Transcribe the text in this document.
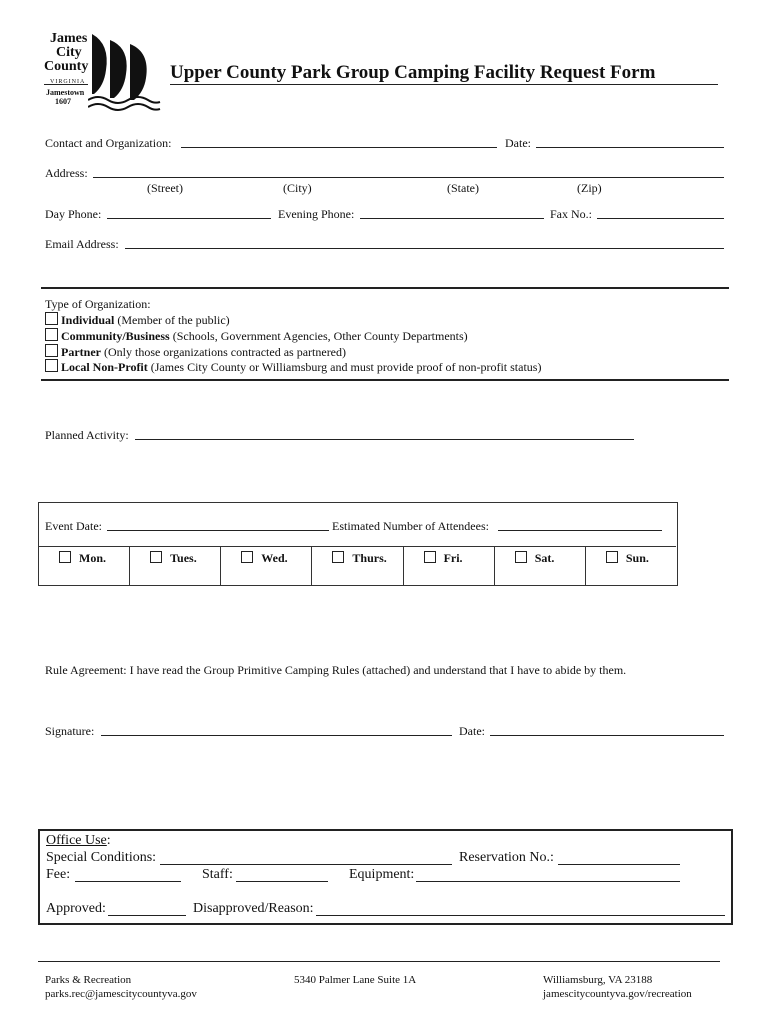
James
City
County
VIRGINIA
Jamestown
1607
Upper County Park Group Camping Facility Request Form
Contact and Organization:	Date:
Address:
(Street)	(City)	(State)	(Zip)
Day Phone:	Evening Phone:	Fax No.:
Email Address:
Type of Organization:
Individual (Member of the public)
Community/Business (Schools, Government Agencies, Other County Departments)
Partner (Only those organizations contracted as partnered)
Local Non-Profit (James City County or Williamsburg and must provide proof of non-profit status)
Planned Activity:
Event Date:	Estimated Number of Attendees:
Mon.	Tues.	Wed.	Thurs.	Fri.	Sat.	Sun.
Rule Agreement: I have read the Group Primitive Camping Rules (attached) and understand that I have to abide by them.
Signature:	Date:
Office Use:
Special Conditions:	Reservation No.:
Fee:	Staff:	Equipment:
Approved:	Disapproved/Reason:
Parks & Recreation
parks.rec@jamescitycountyva.gov
5340 Palmer Lane Suite 1A	Williamsburg, VA 23188
jamescitycountyva.gov/recreation
